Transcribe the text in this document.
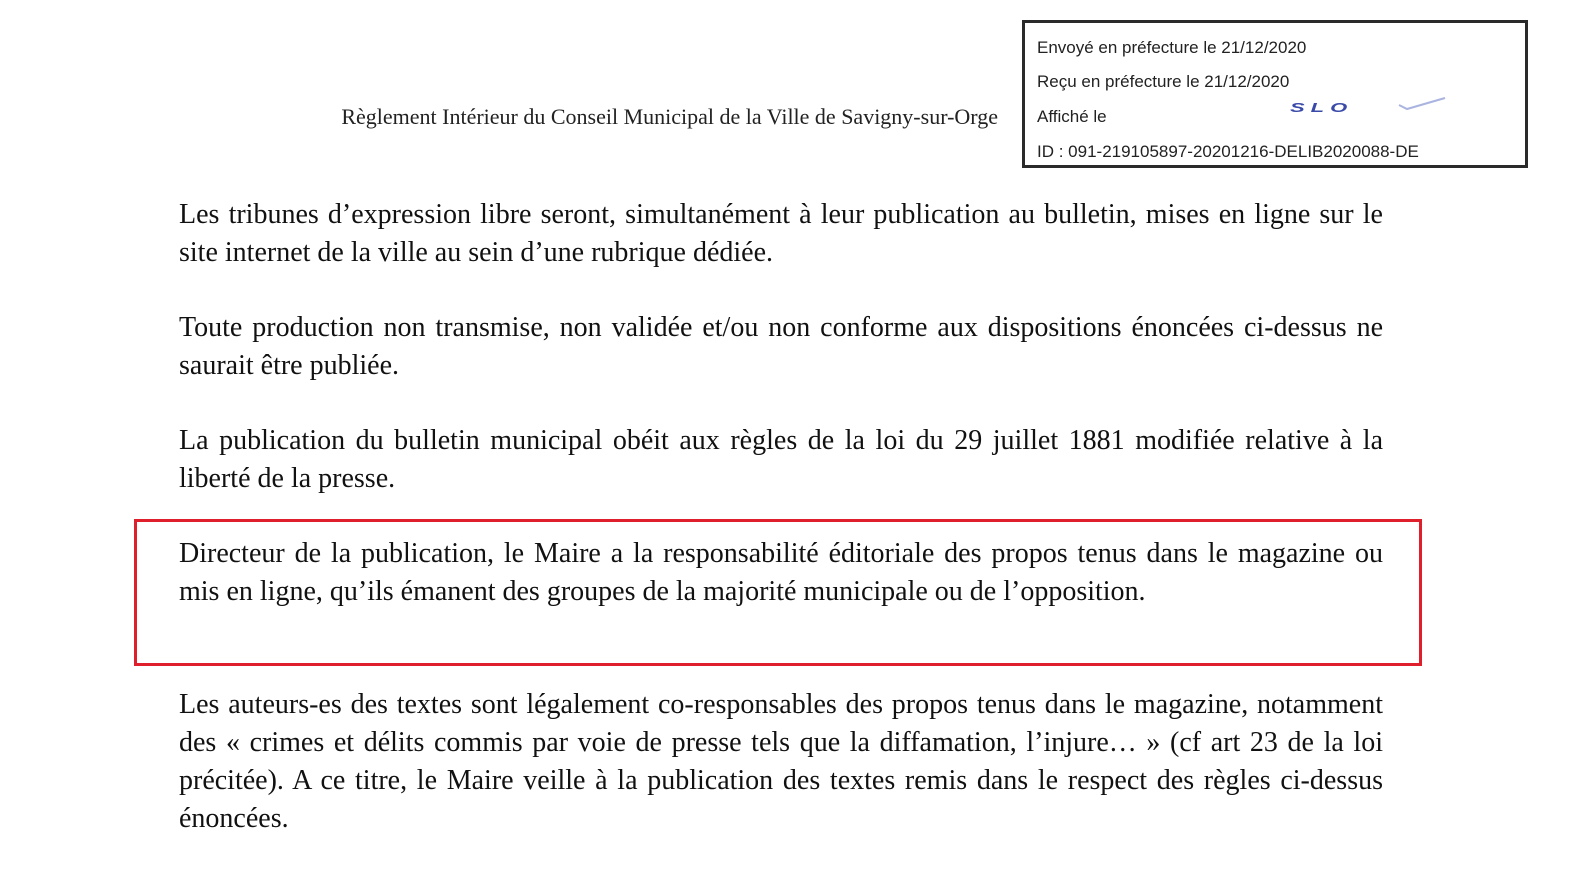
Règlement Intérieur du Conseil Municipal de la Ville de Savigny-sur-Orge
Envoyé en préfecture le 21/12/2020
Reçu en préfecture le 21/12/2020
Affiché le
ID : 091-219105897-20201216-DELIB2020088-DE
SLO
Les tribunes d’expression libre seront, simultanément à leur publication au bulletin, mises en ligne sur le site internet de la ville au sein d’une rubrique dédiée.
Toute production non transmise, non validée et/ou non conforme aux dispositions énoncées ci-dessus ne saurait être publiée.
La publication du bulletin municipal obéit aux règles de la loi du 29 juillet 1881 modifiée relative à la liberté de la presse.
Directeur de la publication, le Maire a la responsabilité éditoriale des propos tenus dans le magazine ou mis en ligne, qu’ils émanent des groupes de la majorité municipale ou de l’opposition.
Les auteurs-es des textes sont légalement co-responsables des propos tenus dans le magazine, notamment des « crimes et délits commis par voie de presse tels que la diffamation, l’injure… » (cf art 23 de la loi précitée). A ce titre, le Maire veille à la publication des textes remis dans le respect des règles ci-dessus énoncées.
